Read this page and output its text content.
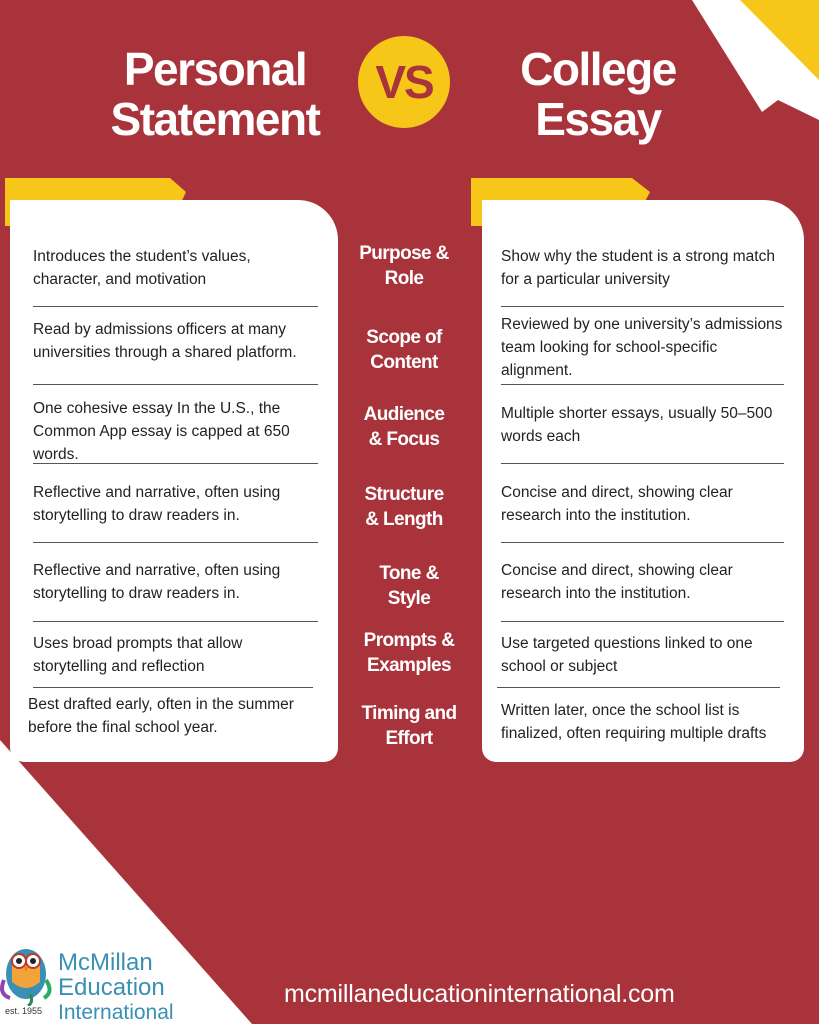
Personal
Statement
VS	College
Essay
Introduces the student’s values, character, and motivation
Read by admissions officers at many universities through a shared platform.
One cohesive essay In the U.S., the Common App essay is capped at 650 words.
Reflective and narrative, often using storytelling to draw readers in.
Reflective and narrative, often using storytelling to draw readers in.
Uses broad prompts that allow storytelling and reflection
Best drafted early, often in the summer before the final school year.
Show why the student is a strong match for a particular university
Reviewed by one university’s admissions team looking for school-specific alignment.
Multiple shorter essays, usually 50–500 words each
Concise and direct, showing clear research into the institution.
Concise and direct, showing clear research into the institution.
Use targeted questions linked to one school or subject
Written later, once the school list is finalized, often requiring multiple drafts
Purpose &
Role
Scope of
Content
Audience
& Focus
Structure
& Length
Tone &
Style
Prompts &
Examples
Timing and
Effort
est. 1955
McMillan
Education
International
mcmillaneducationinternational.com
